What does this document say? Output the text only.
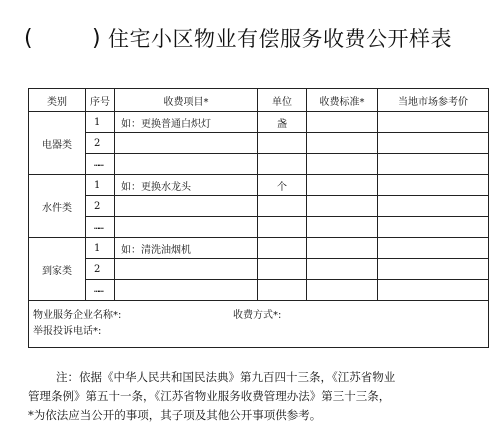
(	) 住宅小区物业有偿服务收费公开样表
类别	序号	收费项目*	单位	收费标准*	当地市场参考价
电器类	1	如：更换普通白炽灯	盏		
	2				
	……				
水件类	1	如：更换水龙头	个		
	2				
	……				
到家类	1	如：清洗油烟机			
	2				
	……				

物业服务企业名称*: 收费方式*:
举报投诉电话*:					
注：依据《中华人民共和国民法典》第九百四十三条，《江苏省物业
管理条例》第五十一条，《江苏省物业服务收费管理办法》第三十三条，
*为依法应当公开的事项，其子项及其他公开事项供参考。
